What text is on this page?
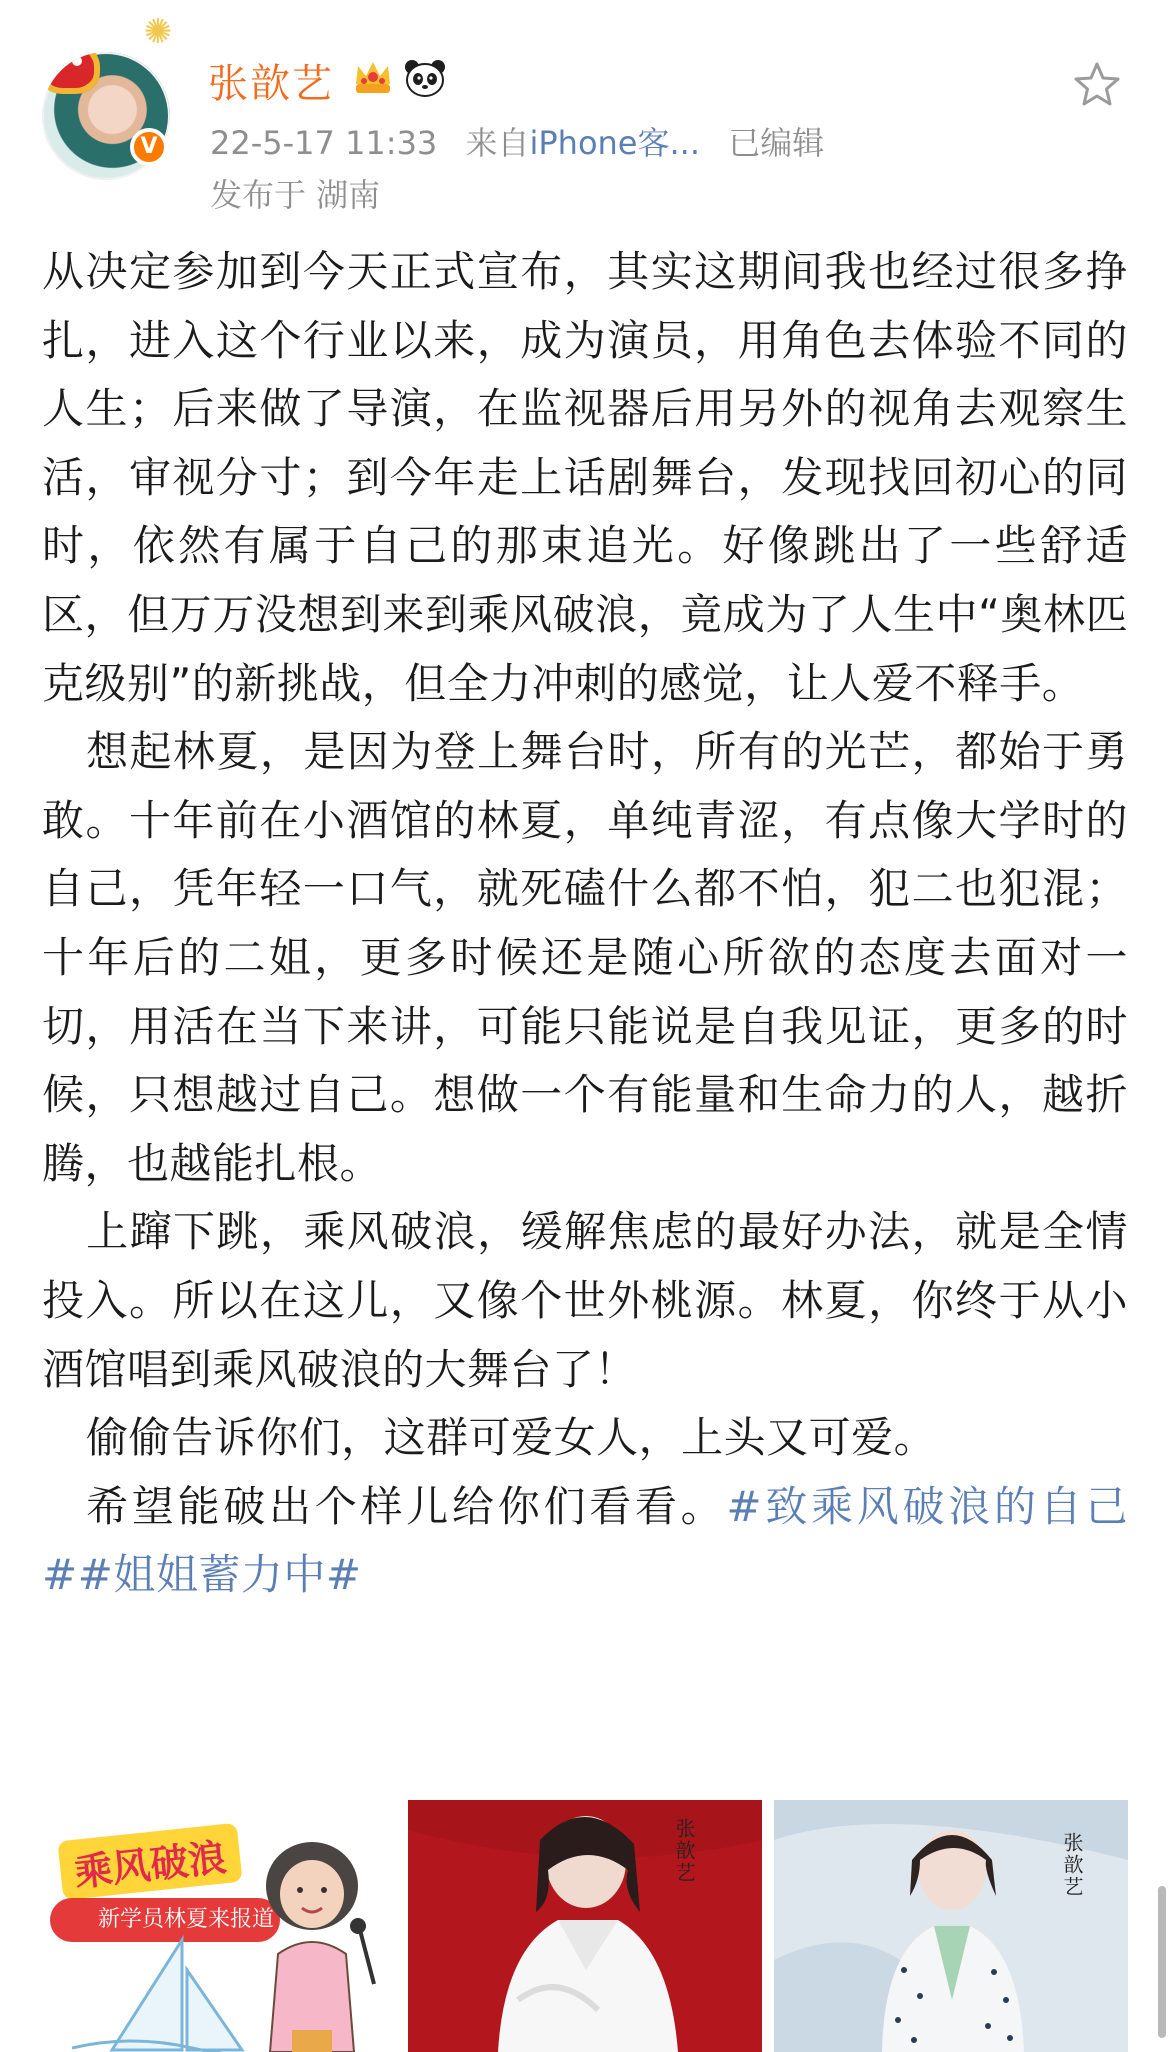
✺
V
张歆艺
22-5-17 11:33 来自iPhone客... 已编辑
发布于 湖南

从决定参加到今天正式宣布，其实这期间我也经过很多挣扎，进入这个行业以来，成为演员，用角色去体验不同的人生；后来做了导演，在监视器后用另外的视角去观察生活，审视分寸；到今年走上话剧舞台，发现找回初心的同时，依然有属于自己的那束追光。好像跳出了一些舒适区，但万万没想到来到乘风破浪，竟成为了人生中“奥林匹克级别”的新挑战，但全力冲刺的感觉，让人爱不释手。

想起林夏，是因为登上舞台时，所有的光芒，都始于勇敢。十年前在小酒馆的林夏，单纯青涩，有点像大学时的自己，凭年轻一口气，就死磕什么都不怕，犯二也犯混；十年后的二姐，更多时候还是随心所欲的态度去面对一切，用活在当下来讲，可能只能说是自我见证，更多的时候，只想越过自己。想做一个有能量和生命力的人，越折腾，也越能扎根。

上蹿下跳，乘风破浪，缓解焦虑的最好办法，就是全情投入。所以在这儿，又像个世外桃源。林夏，你终于从小酒馆唱到乘风破浪的大舞台了！

偷偷告诉你们，这群可爱女人，上头又可爱。

希望能破出个样儿给你们看看。#致乘风破浪的自己##姐姐蓄力中#

乘风破浪
新学员林夏来报道
张歆艺	张歆艺
